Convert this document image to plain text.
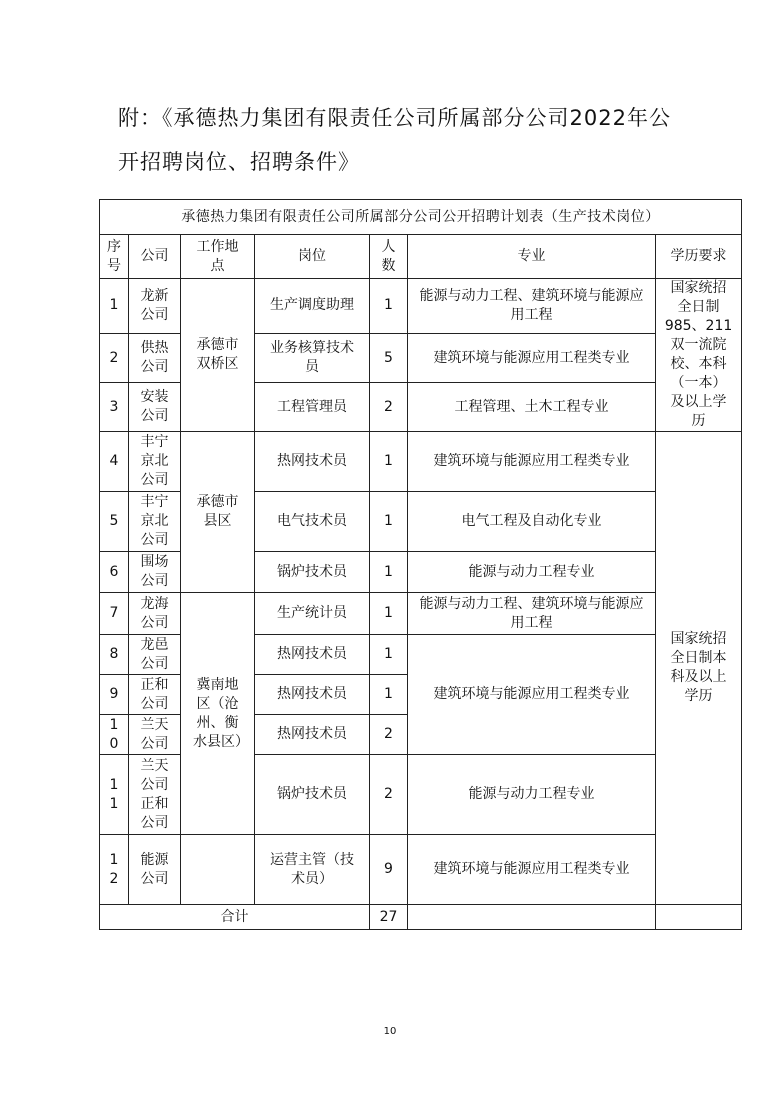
附：《承德热力集团有限责任公司所属部分公司2022年公
开招聘岗位、招聘条件》
承德热力集团有限责任公司所属部分公司公开招聘计划表（生产技术岗位）							
序号	公司	工作地点	岗位	人数	专业	学历要求	
1	龙新公司	承德市双桥区	生产调度助理	1	能源与动力工程、建筑环境与能源应用工程	国家统招全日制985、211双一流院校、本科（一本）及以上学历	
2	供热公司		业务核算技术员	5	建筑环境与能源应用工程类专业		
3	安装公司		工程管理员	2	工程管理、土木工程专业		
4	丰宁京北公司	承德市县区	热网技术员	1	建筑环境与能源应用工程类专业	国家统招全日制本科及以上学历	
5	丰宁京北公司		电气技术员	1	电气工程及自动化专业		
6	围场公司		锅炉技术员	1	能源与动力工程专业		
7	龙海公司	冀南地区（沧州、衡水县区）	生产统计员	1	能源与动力工程、建筑环境与能源应用工程		
8	龙邑公司		热网技术员	1	建筑环境与能源应用工程类专业		
9	正和公司		热网技术员	1			
10	兰天公司		热网技术员	2			
11	兰天公司正和公司		锅炉技术员	2	能源与动力工程专业		
12	能源公司		运营主管（技术员）	9	建筑环境与能源应用工程类专业		
合计				27			
10
